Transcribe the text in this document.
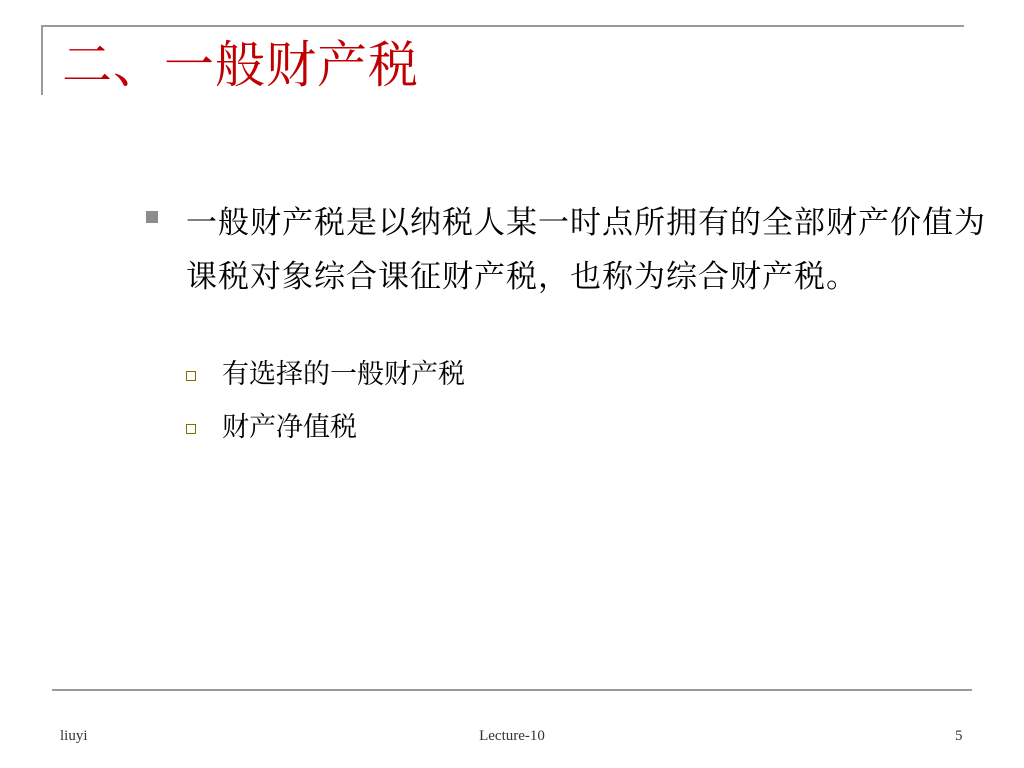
二、一般财产税
一般财产税是以纳税人某一时点所拥有的全部财产价值为课税对象综合课征财产税，也称为综合财产税。
有选择的一般财产税
财产净值税
liuyi	Lecture-10	5
